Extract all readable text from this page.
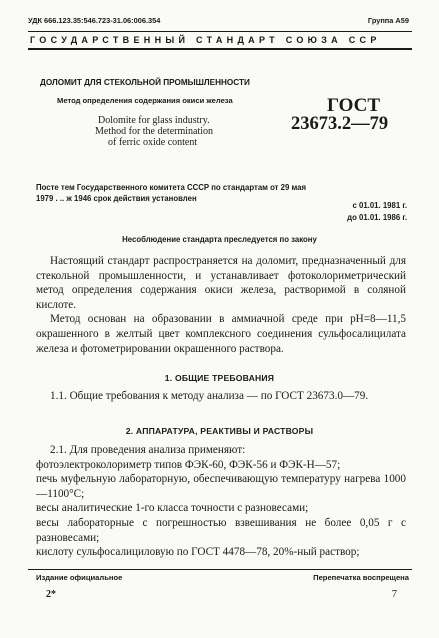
УДК 666.123.35:546.723-31.06:006.354	Группа А59
ГОСУДАРСТВЕННЫЙ СТАНДАРТ СОЮЗА ССР
ДОЛОМИТ ДЛЯ СТЕКОЛЬНОЙ ПРОМЫШЛЕННОСТИ
Метод определения содержания окиси железа
Dolomite for glass industry.
Method for the determination
of ferric oxide content
ГОСТ
23673.2—79
Посте тем Государственного комитета СССР по стандартам от 29 мая
1979 . .. ж 1946 срок действия установлен
с 01.01. 1981 г.
до 01.01. 1986 г.
Несоблюдение стандарта преследуется по закону

Настоящий стандарт распространяется на доломит, предназначенный для стекольной промышленности, и устанавливает фотоколориметрический метод определения содержания окиси железа, растворимой в соляной кислоте.

Метод основан на образовании в аммиачной среде при pH=8—11,5 окрашенного в желтый цвет комплексного соединения сульфосалицилата железа и фотометрировании окрашенного раствора.

1. ОБЩИЕ ТРЕБОВАНИЯ

1.1. Общие требования к методу анализа — по ГОСТ 23673.0—79.

2. АППАРАТУРА, РЕАКТИВЫ И РАСТВОРЫ

2.1. Для проведения анализа применяют:

фотоэлектроколориметр типов ФЭК-60, ФЭК-56 и ФЭК-Н—57;

печь муфельную лабораторную, обеспечивающую температуру нагрева 1000—1100°С;

весы аналитические 1-го класса точности с разновесами;

весы лабораторные с погрешностью взвешивания не более 0,05 г с разновесами;

кислоту сульфосалициловую по ГОСТ 4478—78, 20%-ный раствор;

Издание официальное	Перепечатка воспрещена
2*	7
